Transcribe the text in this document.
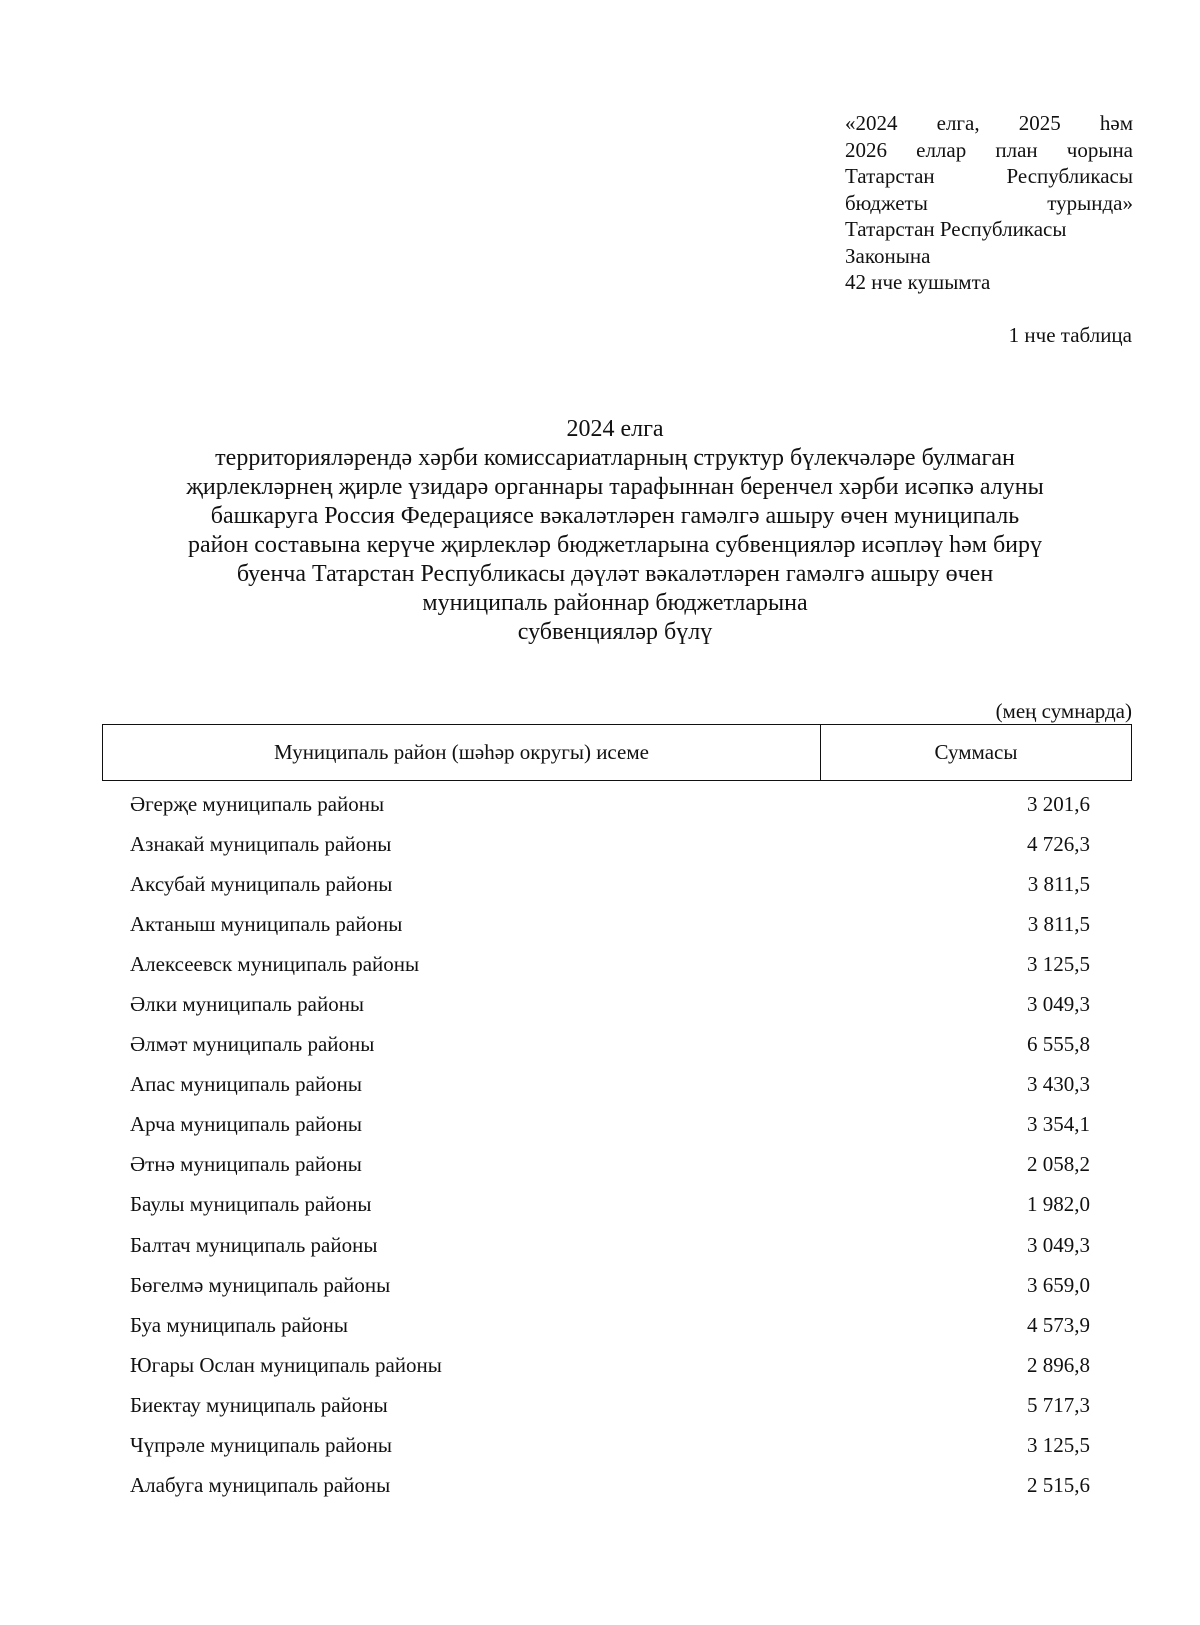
«2024 елга, 2025 һәм
2026 еллар план чорына
Татарстан Республикасы
бюджеты турында»
Татарстан Республикасы
Законына
42 нче кушымта
1 нче таблица
2024 елга
территорияләрендә хәрби комиссариатларның структур бүлекчәләре булмаган
җирлекләрнең җирле үзидарә органнары тарафыннан беренчел хәрби исәпкә алуны
башкаруга Россия Федерациясе вәкаләтләрен гамәлгә ашыру өчен муниципаль
район составына керүче җирлекләр бюджетларына субвенцияләр исәпләү һәм бирү
буенча Татарстан Республикасы дәүләт вәкаләтләрен гамәлгә ашыру өчен
муниципаль районнар бюджетларына
субвенцияләр бүлү
(мең сумнарда)
Муниципаль район (шәһәр округы) исеме	Суммасы
Әгерҗе муниципаль районы	3 201,6
Азнакай муниципаль районы	4 726,3
Аксубай муниципаль районы	3 811,5
Актаныш муниципаль районы	3 811,5
Алексеевск муниципаль районы	3 125,5
Әлки муниципаль районы	3 049,3
Әлмәт муниципаль районы	6 555,8
Апас муниципаль районы	3 430,3
Арча муниципаль районы	3 354,1
Әтнә муниципаль районы	2 058,2
Баулы муниципаль районы	1 982,0
Балтач муниципаль районы	3 049,3
Бөгелмә муниципаль районы	3 659,0
Буа муниципаль районы	4 573,9
Югары Ослан муниципаль районы	2 896,8
Биектау муниципаль районы	5 717,3
Чүпрәле муниципаль районы	3 125,5
Алабуга муниципаль районы	2 515,6
